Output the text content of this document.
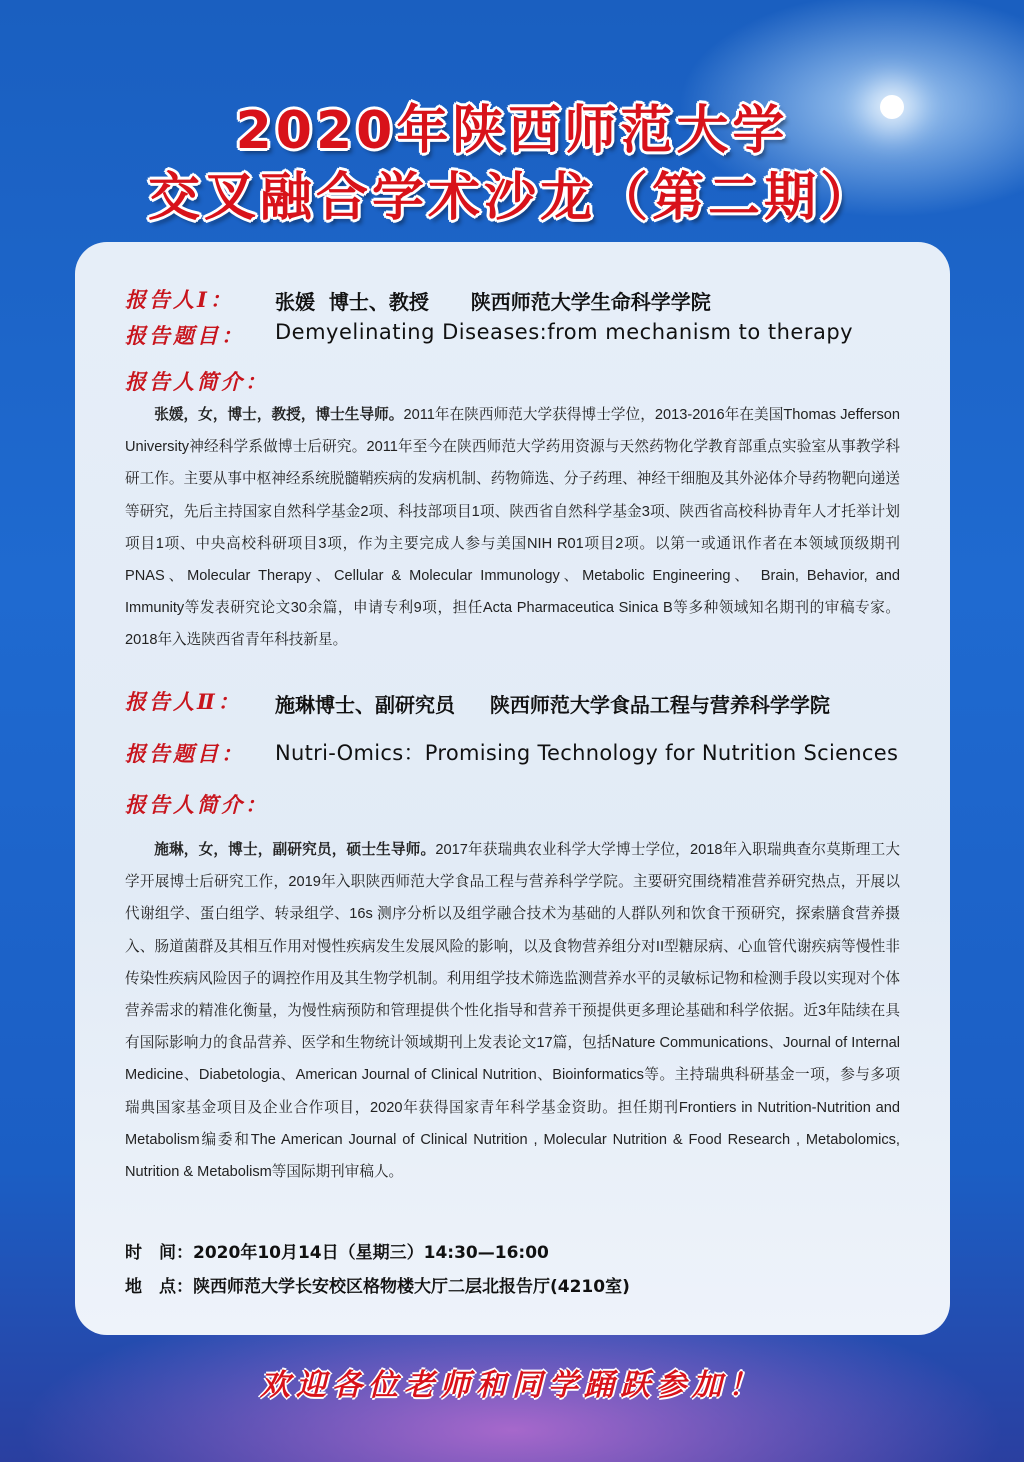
2020年陕西师范大学
交叉融合学术沙龙（第二期）
报告人Ⅰ： 张媛  博士、教授      陕西师范大学生命科学学院
报告题目： Demyelinating Diseases:from mechanism to therapy
报告人简介：
张媛，女，博士，教授，博士生导师。2011年在陕西师范大学获得博士学位，2013-2016年在美国Thomas Jefferson University神经科学系做博士后研究。2011年至今在陕西师范大学药用资源与天然药物化学教育部重点实验室从事教学科研工作。主要从事中枢神经系统脱髓鞘疾病的发病机制、药物筛选、分子药理、神经干细胞及其外泌体介导药物靶向递送等研究，先后主持国家自然科学基金2项、科技部项目1项、陕西省自然科学基金3项、陕西省高校科协青年人才托举计划项目1项、中央高校科研项目3项，作为主要完成人参与美国NIH R01项目2项。以第一或通讯作者在本领域顶级期刊PNAS、Molecular Therapy、Cellular & Molecular Immunology、Metabolic Engineering、 Brain, Behavior, and Immunity等发表研究论文30余篇，申请专利9项，担任Acta Pharmaceutica Sinica B等多种领域知名期刊的审稿专家。2018年入选陕西省青年科技新星。
报告人Ⅱ： 施琳博士、副研究员     陕西师范大学食品工程与营养科学学院
报告题目： Nutri-Omics：Promising Technology for Nutrition Sciences
报告人简介：
施琳，女，博士，副研究员，硕士生导师。2017年获瑞典农业科学大学博士学位，2018年入职瑞典查尔莫斯理工大学开展博士后研究工作，2019年入职陕西师范大学食品工程与营养科学学院。主要研究围绕精准营养研究热点，开展以代谢组学、蛋白组学、转录组学、16s 测序分析以及组学融合技术为基础的人群队列和饮食干预研究，探索膳食营养摄入、肠道菌群及其相互作用对慢性疾病发生发展风险的影响，以及食物营养组分对II型糖尿病、心血管代谢疾病等慢性非传染性疾病风险因子的调控作用及其生物学机制。利用组学技术筛选监测营养水平的灵敏标记物和检测手段以实现对个体营养需求的精准化衡量，为慢性病预防和管理提供个性化指导和营养干预提供更多理论基础和科学依据。近3年陆续在具有国际影响力的食品营养、医学和生物统计领域期刊上发表论文17篇，包括Nature Communications、Journal of Internal Medicine、Diabetologia、American Journal of Clinical Nutrition、Bioinformatics等。主持瑞典科研基金一项，参与多项瑞典国家基金项目及企业合作项目，2020年获得国家青年科学基金资助。担任期刊Frontiers in Nutrition-Nutrition and Metabolism编委和The American Journal of Clinical Nutrition , Molecular Nutrition & Food Research , Metabolomics, Nutrition & Metabolism等国际期刊审稿人。
时　间：2020年10月14日（星期三）14:30—16:00
地　点：陕西师范大学长安校区格物楼大厅二层北报告厅(4210室)
欢迎各位老师和同学踊跃参加！
